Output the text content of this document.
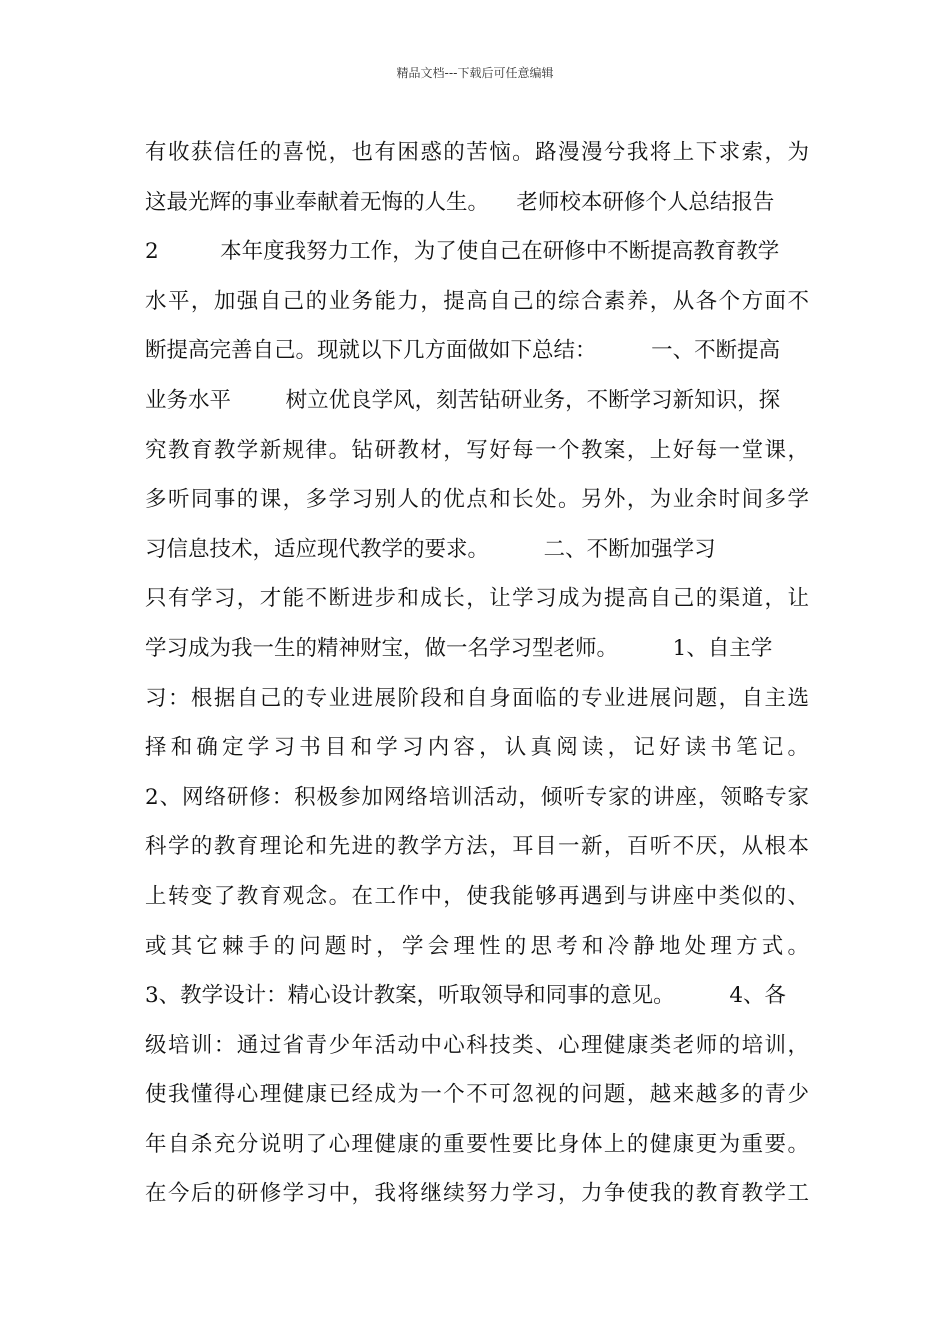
精品文档---下载后可任意编辑
有收获信任的喜悦，也有困惑的苦恼。路漫漫兮我将上下求索，为
这最光辉的事业奉献着无悔的人生。    老师校本研修个人总结报告
2         本年度我努力工作，为了使自己在研修中不断提高教育教学
水平，加强自己的业务能力，提高自己的综合素养，从各个方面不
断提高完善自己。现就以下几方面做如下总结：        一、不断提高
业务水平        树立优良学风，刻苦钻研业务，不断学习新知识，探
究教育教学新规律。钻研教材，写好每一个教案，上好每一堂课，
多听同事的课，多学习别人的优点和长处。另外，为业余时间多学
习信息技术，适应现代教学的要求。        二、不断加强学习
只有学习，才能不断进步和成长，让学习成为提高自己的渠道，让
学习成为我一生的精神财宝，做一名学习型老师。        1、自主学
习：根据自己的专业进展阶段和自身面临的专业进展问题，自主选
择和确定学习书目和学习内容，认真阅读，记好读书笔记。
2、网络研修：积极参加网络培训活动，倾听专家的讲座，领略专家
科学的教育理论和先进的教学方法，耳目一新，百听不厌，从根本
上转变了教育观念。在工作中，使我能够再遇到与讲座中类似的、
或其它棘手的问题时，学会理性的思考和冷静地处理方式。
3、教学设计：精心设计教案，听取领导和同事的意见。        4、各
级培训：通过省青少年活动中心科技类、心理健康类老师的培训，
使我懂得心理健康已经成为一个不可忽视的问题，越来越多的青少
年自杀充分说明了心理健康的重要性要比身体上的健康更为重要。
在今后的研修学习中，我将继续努力学习，力争使我的教育教学工
